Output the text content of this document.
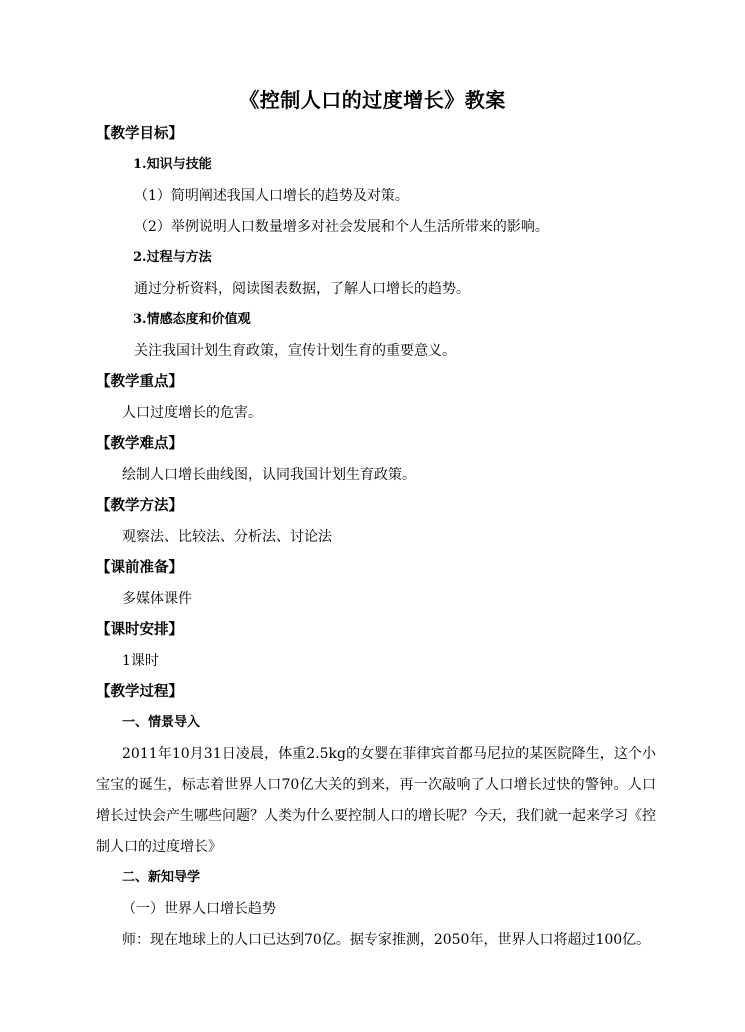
《控制人口的过度增长》教案
【教学目标】
1.知识与技能
（1）简明阐述我国人口增长的趋势及对策。
（2）举例说明人口数量增多对社会发展和个人生活所带来的影响。
2.过程与方法
通过分析资料，阅读图表数据，了解人口增长的趋势。
3.情感态度和价值观
关注我国计划生育政策，宣传计划生育的重要意义。
【教学重点】
人口过度增长的危害。
【教学难点】
绘制人口增长曲线图，认同我国计划生育政策。
【教学方法】
观察法、比较法、分析法、讨论法
【课前准备】
多媒体课件
【课时安排】
1课时
【教学过程】
一、情景导入
2011年10月31日凌晨，体重2.5kg的女婴在菲律宾首都马尼拉的某医院降生，这个小宝宝的诞生，标志着世界人口70亿大关的到来，再一次敲响了人口增长过快的警钟。人口增长过快会产生哪些问题？人类为什么要控制人口的增长呢？今天，我们就一起来学习《控制人口的过度增长》
二、新知导学
（一）世界人口增长趋势
师：现在地球上的人口已达到70亿。据专家推测，2050年，世界人口将超过100亿。
